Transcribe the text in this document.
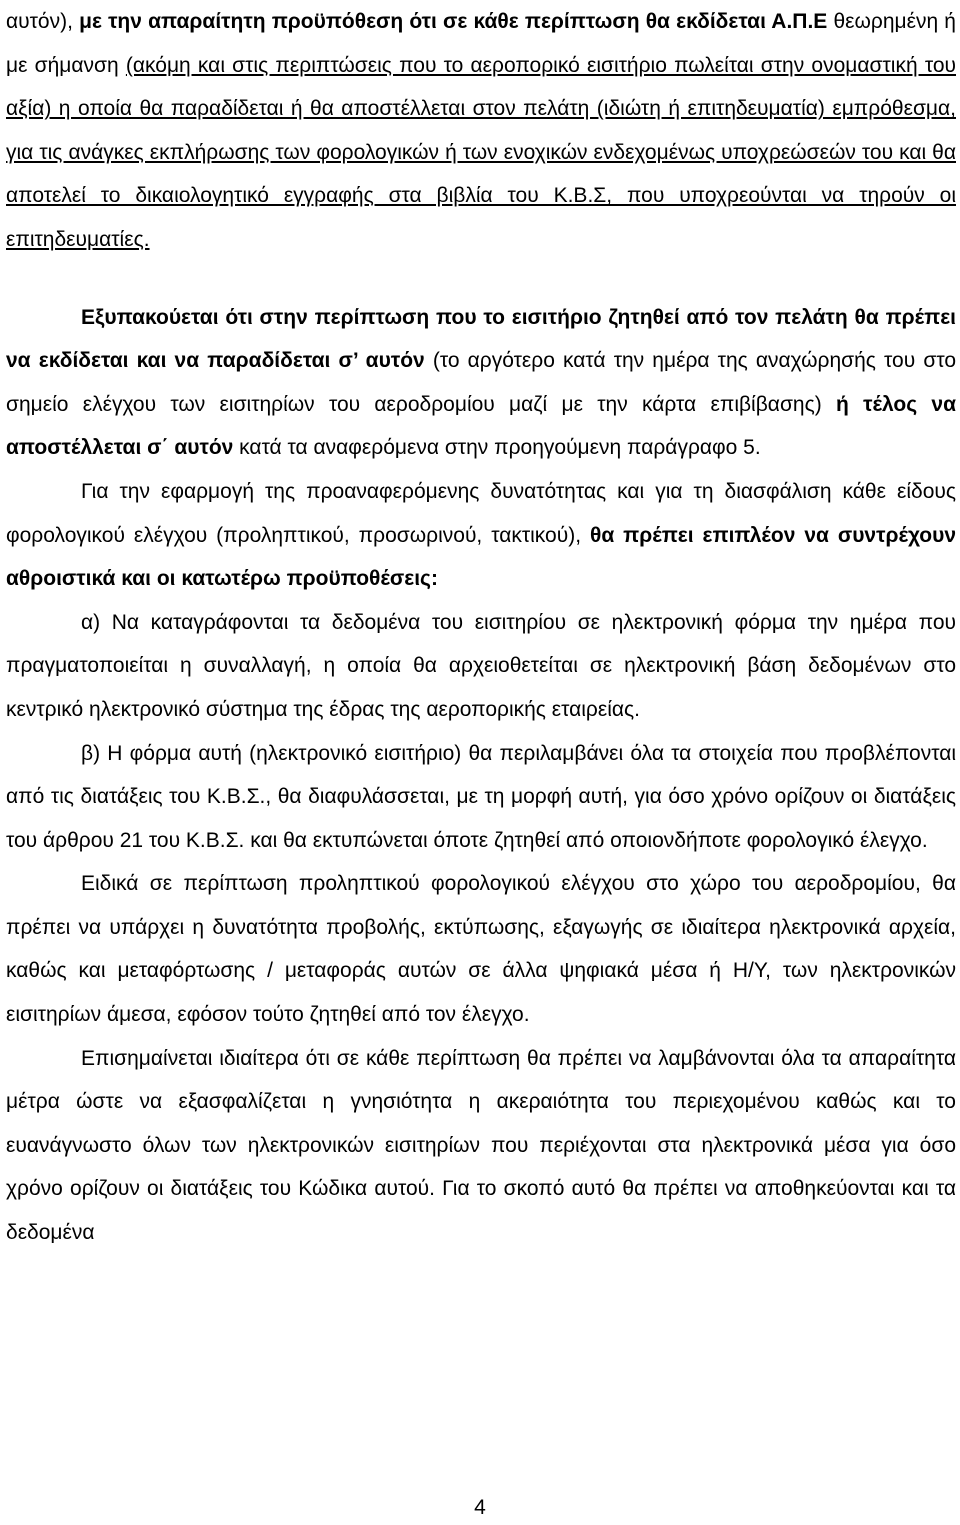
αυτόν), με την απαραίτητη προϋπόθεση ότι σε κάθε περίπτωση θα εκδίδεται Α.Π.Ε θεωρημένη ή με σήμανση (ακόμη και στις περιπτώσεις που το αεροπορικό εισιτήριο πωλείται στην ονομαστική του αξία) η οποία θα παραδίδεται ή θα αποστέλλεται στον πελάτη (ιδιώτη ή επιτηδευματία) εμπρόθεσμα, για τις ανάγκες εκπλήρωσης των φορολογικών ή των ενοχικών ενδεχομένως υποχρεώσεών του και θα αποτελεί το δικαιολογητικό εγγραφής στα βιβλία του Κ.Β.Σ, που υποχρεούνται να τηρούν οι επιτηδευματίες.

Εξυπακούεται ότι στην περίπτωση που το εισιτήριο ζητηθεί από τον πελάτη θα πρέπει να εκδίδεται και να παραδίδεται σ’ αυτόν (το αργότερο κατά την ημέρα της αναχώρησής του στο σημείο ελέγχου των εισιτηρίων του αεροδρομίου μαζί με την κάρτα επιβίβασης) ή τέλος να αποστέλλεται σ΄ αυτόν κατά τα αναφερόμενα στην προηγούμενη παράγραφο 5.

Για την εφαρμογή της προαναφερόμενης δυνατότητας και για τη διασφάλιση κάθε είδους φορολογικού ελέγχου (προληπτικού, προσωρινού, τακτικού), θα πρέπει επιπλέον να συντρέχουν αθροιστικά και οι κατωτέρω προϋποθέσεις:

α) Να καταγράφονται τα δεδομένα του εισιτηρίου σε ηλεκτρονική φόρμα την ημέρα που πραγματοποιείται η συναλλαγή, η οποία θα αρχειοθετείται σε ηλεκτρονική βάση δεδομένων στο κεντρικό ηλεκτρονικό σύστημα της έδρας της αεροπορικής εταιρείας.

β) Η φόρμα αυτή (ηλεκτρονικό εισιτήριο) θα περιλαμβάνει όλα τα στοιχεία που προβλέπονται από τις διατάξεις του Κ.Β.Σ., θα διαφυλάσσεται, με τη μορφή αυτή, για όσο χρόνο ορίζουν οι διατάξεις του άρθρου 21 του Κ.Β.Σ. και θα εκτυπώνεται όποτε ζητηθεί από οποιονδήποτε φορολογικό έλεγχο.

Ειδικά σε περίπτωση προληπτικού φορολογικού ελέγχου στο χώρο του αεροδρομίου, θα πρέπει να υπάρχει η δυνατότητα προβολής, εκτύπωσης, εξαγωγής σε ιδιαίτερα ηλεκτρονικά αρχεία, καθώς και μεταφόρτωσης / μεταφοράς αυτών σε άλλα ψηφιακά μέσα ή Η/Υ, των ηλεκτρονικών εισιτηρίων άμεσα, εφόσον τούτο ζητηθεί από τον έλεγχο.

Επισημαίνεται ιδιαίτερα ότι σε κάθε περίπτωση θα πρέπει να λαμβάνονται όλα τα απαραίτητα μέτρα ώστε να εξασφαλίζεται η γνησιότητα η ακεραιότητα του περιεχομένου καθώς και το ευανάγνωστο όλων των ηλεκτρονικών εισιτηρίων που περιέχονται στα ηλεκτρονικά μέσα για όσο χρόνο ορίζουν οι διατάξεις του Κώδικα αυτού. Για το σκοπό αυτό θα πρέπει να αποθηκεύονται και τα δεδομένα

4
